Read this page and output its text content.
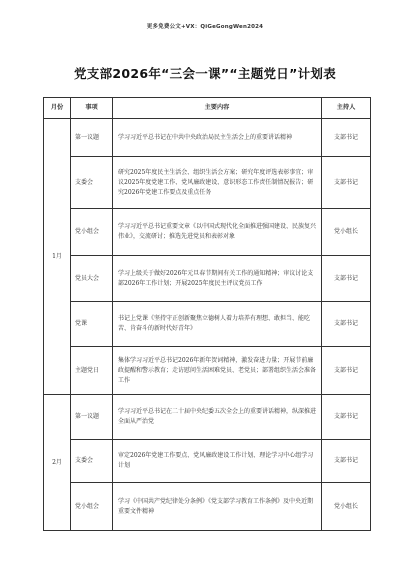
更多免费公文+VX：QiGeGongWen2024
党支部2026年“三会一课”“主题党日”计划表
月份	事项	主要内容	主持人
1月	第一议题	学习习近平总书记在中共中央政治局民主生活会上的重要讲话精神	支部书记
	支委会	研究2025年度民主生活会、组织生活会方案；研究年度评选表彰事宜；审议2025年度党建工作、党风廉政建设、意识形态工作责任制情况报告；研究2026年党建工作要点及重点任务	支部书记
	党小组会	学习习近平总书记重要文章《以中国式现代化全面推进强国建设、民族复兴伟业》，交流研讨；推选先进党员和表彰对象	党小组长
	党员大会	学习上级关于做好2026年元旦春节期间有关工作的通知精神；审议讨论支部2026年工作计划；开展2025年度民主评议党员工作	支部书记
	党课	书记上党课《坚持守正创新聚焦立德树人着力培养有理想、敢担当、能吃苦、肯奋斗的新时代好青年》	支部书记
	主题党日	集体学习习近平总书记2026年新年贺词精神，激发奋进力量；开展节前廉政提醒和警示教育；走访慰问生活困难党员、老党员；部署组织生活会准备工作	支部书记
2月	第一议题	学习习近平总书记在二十届中央纪委五次全会上的重要讲话精神，纵深推进全面从严治党	支部书记
	支委会	审定2026年党建工作要点、党风廉政建设工作计划、理论学习中心组学习计划	支部书记
	党小组会	学习《中国共产党纪律处分条例》《党支部学习教育工作条例》及中央近期重要文件精神	党小组长
